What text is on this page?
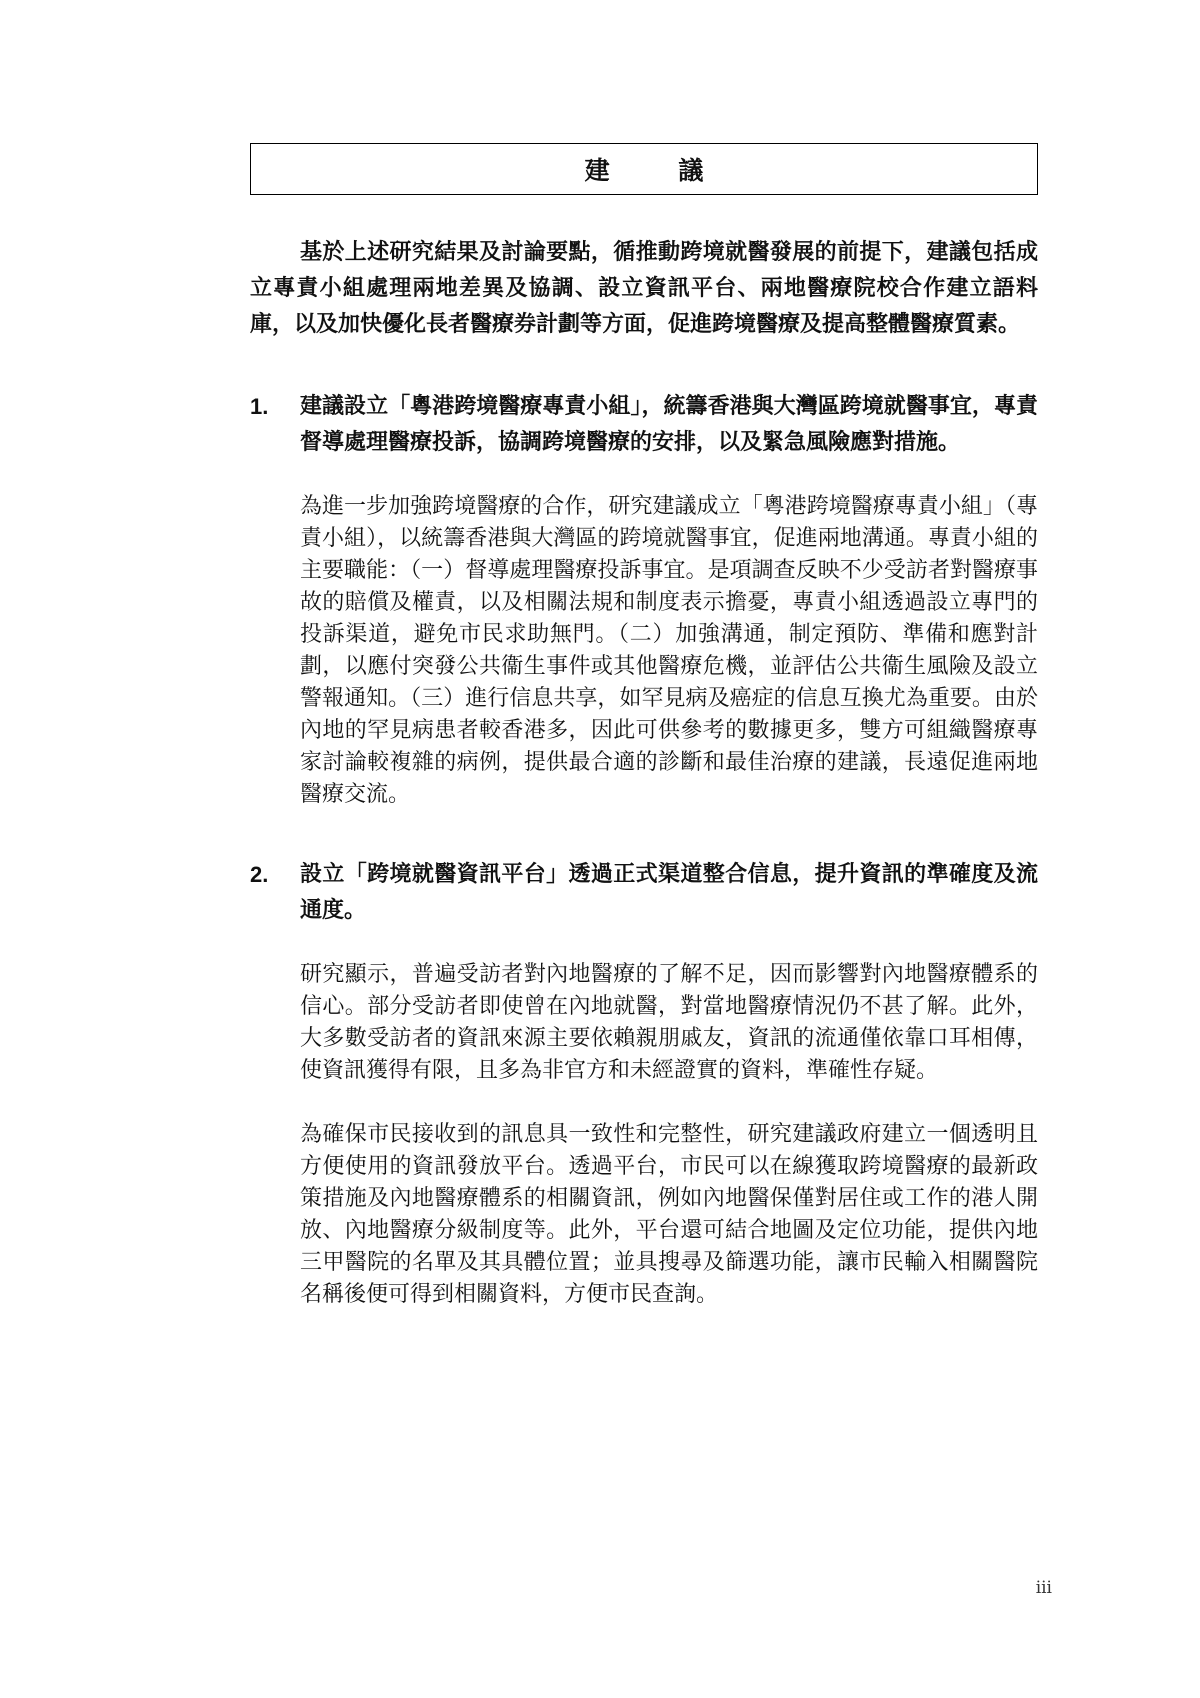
建 議

基於上述研究結果及討論要點，循推動跨境就醫發展的前提下，建議包括成立專責小組處理兩地差異及協調、設立資訊平台、兩地醫療院校合作建立語料庫，以及加快優化長者醫療券計劃等方面，促進跨境醫療及提高整體醫療質素。

1. 建議設立「粵港跨境醫療專責小組」，統籌香港與大灣區跨境就醫事宜，專責督導處理醫療投訴，協調跨境醫療的安排，以及緊急風險應對措施。
為進一步加強跨境醫療的合作，研究建議成立「粵港跨境醫療專責小組」（專責小組），以統籌香港與大灣區的跨境就醫事宜，促進兩地溝通。專責小組的主要職能：（一）督導處理醫療投訴事宜。是項調查反映不少受訪者對醫療事故的賠償及權責，以及相關法規和制度表示擔憂，專責小組透過設立專門的投訴渠道，避免市民求助無門。（二）加強溝通，制定預防、準備和應對計劃，以應付突發公共衞生事件或其他醫療危機，並評估公共衞生風險及設立警報通知。（三）進行信息共享，如罕見病及癌症的信息互換尤為重要。由於內地的罕見病患者較香港多，因此可供參考的數據更多，雙方可組織醫療專家討論較複雜的病例，提供最合適的診斷和最佳治療的建議，長遠促進兩地醫療交流。
2. 設立「跨境就醫資訊平台」透過正式渠道整合信息，提升資訊的準確度及流通度。
研究顯示，普遍受訪者對內地醫療的了解不足，因而影響對內地醫療體系的信心。部分受訪者即使曾在內地就醫，對當地醫療情況仍不甚了解。此外，大多數受訪者的資訊來源主要依賴親朋戚友，資訊的流通僅依靠口耳相傳，使資訊獲得有限，且多為非官方和未經證實的資料，準確性存疑。
為確保市民接收到的訊息具一致性和完整性，研究建議政府建立一個透明且方便使用的資訊發放平台。透過平台，市民可以在線獲取跨境醫療的最新政策措施及內地醫療體系的相關資訊，例如內地醫保僅對居住或工作的港人開放、內地醫療分級制度等。此外，平台還可結合地圖及定位功能，提供內地三甲醫院的名單及其具體位置；並具搜尋及篩選功能，讓市民輸入相關醫院名稱後便可得到相關資料，方便市民查詢。
iii
